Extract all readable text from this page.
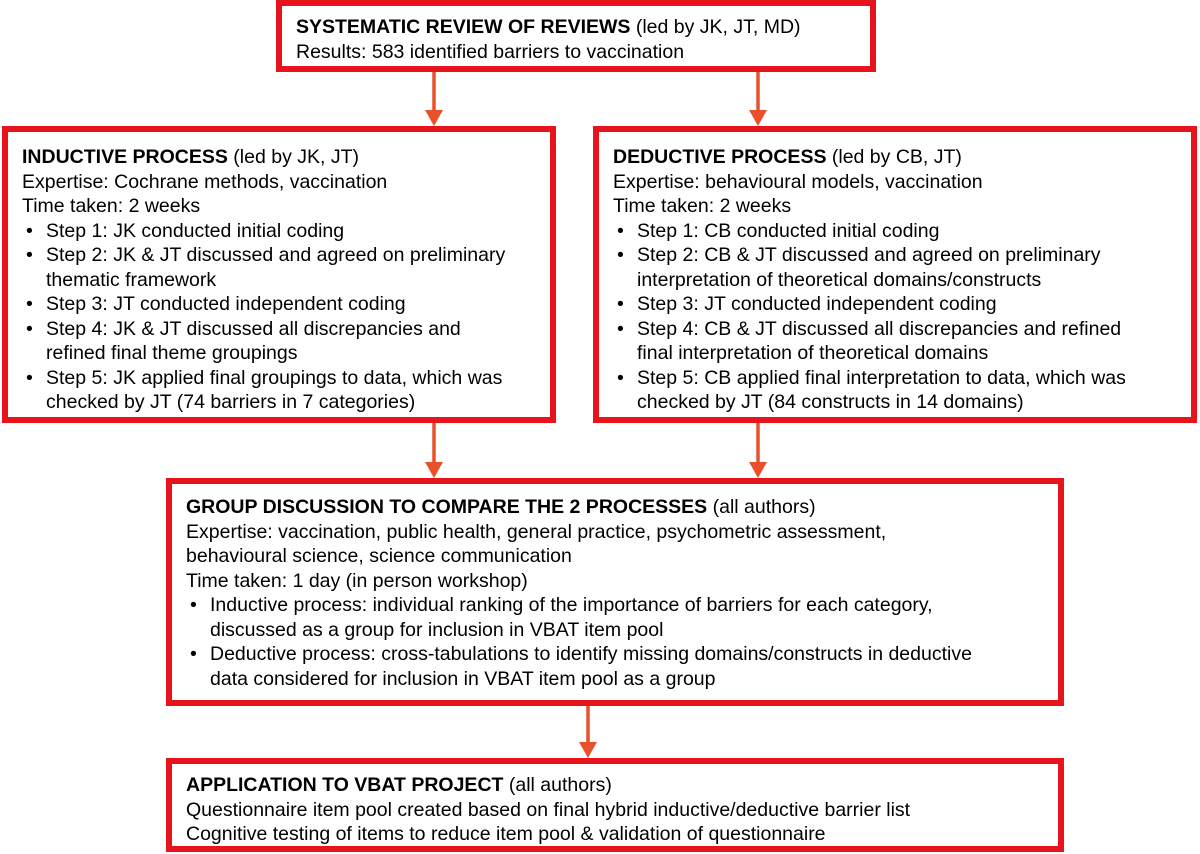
SYSTEMATIC REVIEW OF REVIEWS (led by JK, JT, MD)

Results: 583 identified barriers to vaccination

INDUCTIVE PROCESS (led by JK, JT)

Expertise: Cochrane methods, vaccination

Time taken: 2 weeks

• Step 1: JK conducted initial coding
• Step 2: JK & JT discussed and agreed on preliminary
thematic framework
• Step 3: JT conducted independent coding
• Step 4: JK & JT discussed all discrepancies and
refined final theme groupings
• Step 5: JK applied final groupings to data, which was
checked by JT (74 barriers in 7 categories)

DEDUCTIVE PROCESS (led by CB, JT)

Expertise: behavioural models, vaccination

Time taken: 2 weeks

• Step 1: CB conducted initial coding
• Step 2: CB & JT discussed and agreed on preliminary
interpretation of theoretical domains/constructs
• Step 3: JT conducted independent coding
• Step 4: CB & JT discussed all discrepancies and refined
final interpretation of theoretical domains
• Step 5: CB applied final interpretation to data, which was
checked by JT (84 constructs in 14 domains)

GROUP DISCUSSION TO COMPARE THE 2 PROCESSES (all authors)

Expertise: vaccination, public health, general practice, psychometric assessment,
behavioural science, science communication

Time taken: 1 day (in person workshop)

• Inductive process: individual ranking of the importance of barriers for each category,
discussed as a group for inclusion in VBAT item pool
• Deductive process: cross-tabulations to identify missing domains/constructs in deductive
data considered for inclusion in VBAT item pool as a group

APPLICATION TO VBAT PROJECT (all authors)

Questionnaire item pool created based on final hybrid inductive/deductive barrier list

Cognitive testing of items to reduce item pool & validation of questionnaire
